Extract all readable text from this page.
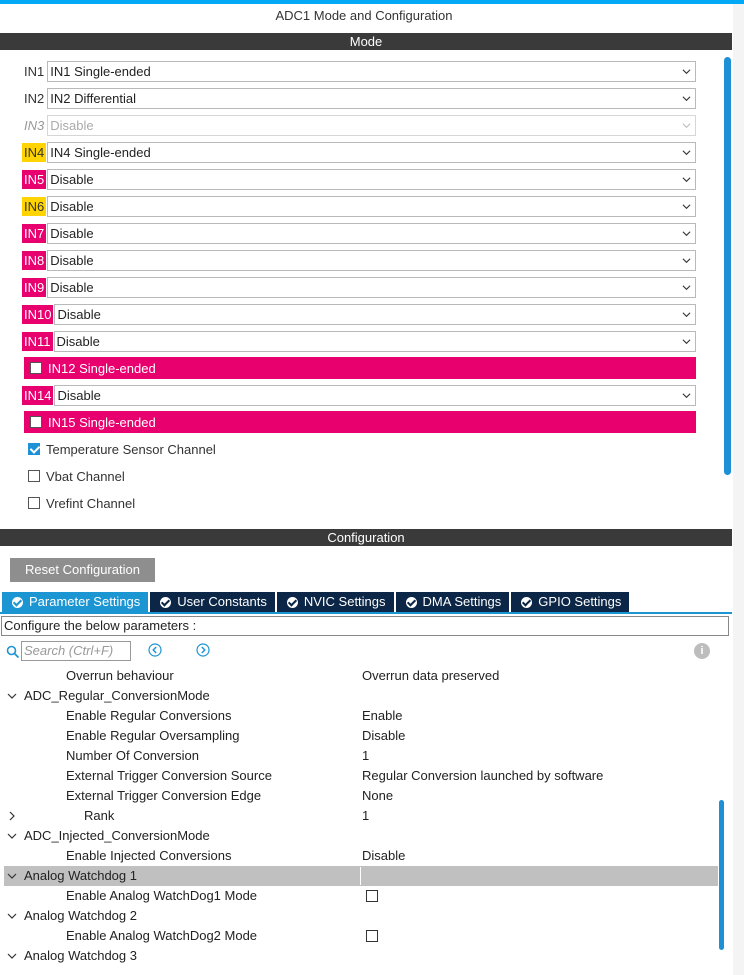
ADC1 Mode and Configuration
Mode
IN1 IN1 Single-ended
IN2 IN2 Differential
IN3 Disable
IN4 IN4 Single-ended
IN5 Disable
IN6 Disable
IN7 Disable
IN8 Disable
IN9 Disable
IN10 Disable
IN11 Disable
IN12 Single-ended
IN14 Disable
IN15 Single-ended
Temperature Sensor Channel
Vbat Channel
Vrefint Channel
Configuration
Reset Configuration
Parameter Settings	User Constants	NVIC Settings	DMA Settings	GPIO Settings
Configure the below parameters :
Search (Ctrl+F)	i
Overrun behaviour	Overrun data preserved
ADC_Regular_ConversionMode
Enable Regular Conversions	Enable
Enable Regular Oversampling	Disable
Number Of Conversion	1
External Trigger Conversion Source	Regular Conversion launched by software
External Trigger Conversion Edge	None
Rank	1
ADC_Injected_ConversionMode
Enable Injected Conversions	Disable
Analog Watchdog 1
Enable Analog WatchDog1 Mode
Analog Watchdog 2
Enable Analog WatchDog2 Mode
Analog Watchdog 3
